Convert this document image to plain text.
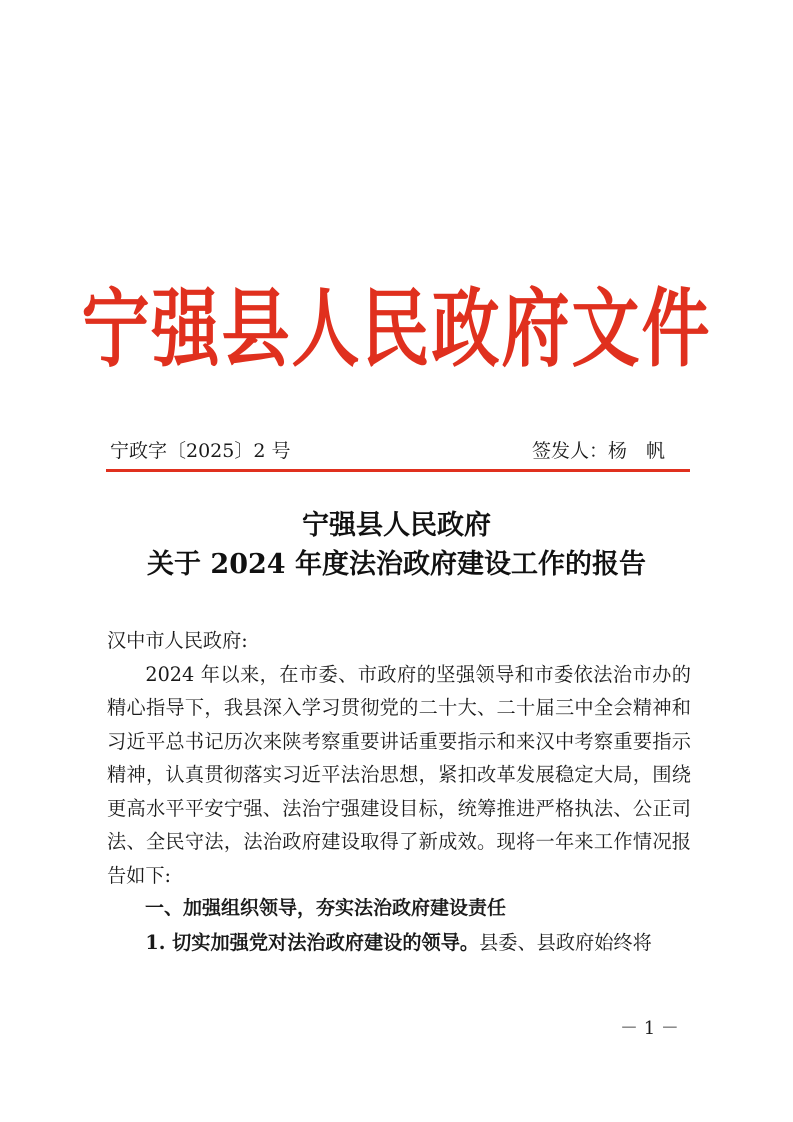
宁强县人民政府文件
宁政字〔2025〕2 号	签发人：杨　帆
宁强县人民政府
关于 2024 年度法治政府建设工作的报告

汉中市人民政府:

2024 年以来，在市委、市政府的坚强领导和市委依法治市办的精心指导下，我县深入学习贯彻党的二十大、二十届三中全会精神和习近平总书记历次来陕考察重要讲话重要指示和来汉中考察重要指示精神，认真贯彻落实习近平法治思想，紧扣改革发展稳定大局，围绕更高水平平安宁强、法治宁强建设目标，统筹推进严格执法、公正司法、全民守法，法治政府建设取得了新成效。现将一年来工作情况报告如下:

一、加强组织领导，夯实法治政府建设责任

1. 切实加强党对法治政府建设的领导。县委、县政府始终将

－ 1 －
